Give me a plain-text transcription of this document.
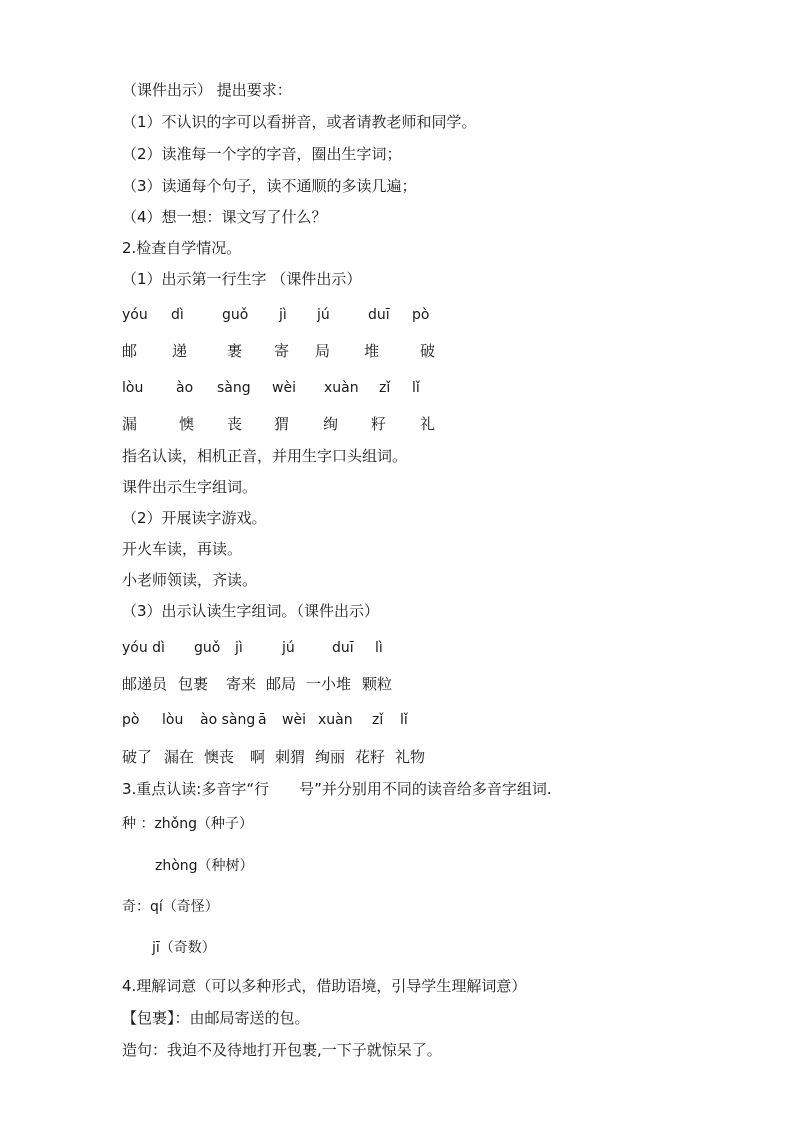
（课件出示） 提出要求：
（1）不认识的字可以看拼音，或者请教老师和同学。
（2）读准每一个字的字音，圈出生字词；
（3）读通每个句子，读不通顺的多读几遍；
（4）想一想：课文写了什么？
2.检查自学情况。
（1）出示第一行生字 （课件出示）
yóu dì	guǒ jì jú	duī pò
邮 递	裹 寄 局 堆	破
lòu ào sàng wèi xuàn zǐ lǐ
漏	懊 丧 猬 绚 籽 礼
指名认读，相机正音，并用生字口头组词。
课件出示生字组词。
（2）开展读字游戏。
开火车读，再读。
小老师领读，齐读。
（3）出示认读生字组词。（课件出示）
yóu dì guǒ jì	jú	duī lì
邮递员 包裹 寄来 邮局 一小堆 颗粒
pò lòu ào sàng ā wèi xuàn zǐ lǐ
破了 漏在 懊丧 啊 刺猬 绚丽 花籽 礼物
3.重点认读:多音字“行　　号”并分别用不同的读音给多音字组词.
种 ：zhǒng（种子）
zhòng（种树）
奇：qí（奇怪）
jī（奇数）
4.理解词意（可以多种形式，借助语境，引导学生理解词意）
【包裹】：由邮局寄送的包。
造句：我迫不及待地打开包裹,一下子就惊呆了。
